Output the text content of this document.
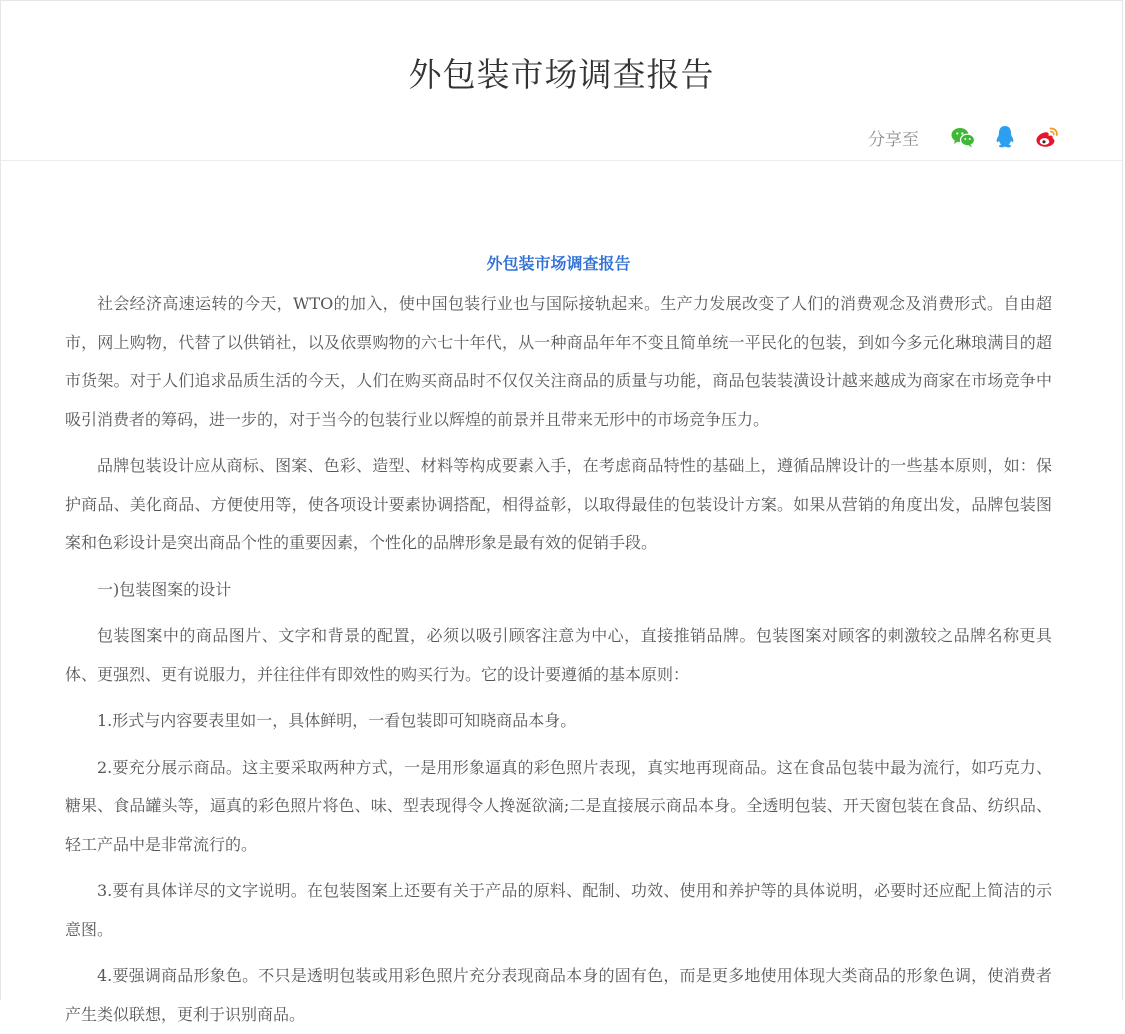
外包装市场调查报告
分享至
外包装市场调查报告

社会经济高速运转的今天，WTO的加入，使中国包装行业也与国际接轨起来。生产力发展改变了人们的消费观念及消费形式。自由超市，网上购物，代替了以供销社，以及依票购物的六七十年代，从一种商品年年不变且简单统一平民化的包装，到如今多元化琳琅满目的超市货架。对于人们追求品质生活的今天，人们在购买商品时不仅仅关注商品的质量与功能，商品包装装潢设计越来越成为商家在市场竞争中吸引消费者的筹码，进一步的，对于当今的包装行业以辉煌的前景并且带来无形中的市场竞争压力。

品牌包装设计应从商标、图案、色彩、造型、材料等构成要素入手，在考虑商品特性的基础上，遵循品牌设计的一些基本原则，如：保护商品、美化商品、方便使用等，使各项设计要素协调搭配，相得益彰，以取得最佳的包装设计方案。如果从营销的角度出发，品牌包装图案和色彩设计是突出商品个性的重要因素，个性化的品牌形象是最有效的促销手段。

一)包装图案的设计

包装图案中的商品图片、文字和背景的配置，必须以吸引顾客注意为中心，直接推销品牌。包装图案对顾客的刺激较之品牌名称更具体、更强烈、更有说服力，并往往伴有即效性的购买行为。它的设计要遵循的基本原则：

1.形式与内容要表里如一，具体鲜明，一看包装即可知晓商品本身。

2.要充分展示商品。这主要采取两种方式，一是用形象逼真的彩色照片表现，真实地再现商品。这在食品包装中最为流行，如巧克力、糖果、食品罐头等，逼真的彩色照片将色、味、型表现得令人搀涎欲滴;二是直接展示商品本身。全透明包装、开天窗包装在食品、纺织品、轻工产品中是非常流行的。

3.要有具体详尽的文字说明。在包装图案上还要有关于产品的原料、配制、功效、使用和养护等的具体说明，必要时还应配上简洁的示意图。

4.要强调商品形象色。不只是透明包装或用彩色照片充分表现商品本身的固有色，而是更多地使用体现大类商品的形象色调，使消费者产生类似联想，更利于识别商品。
